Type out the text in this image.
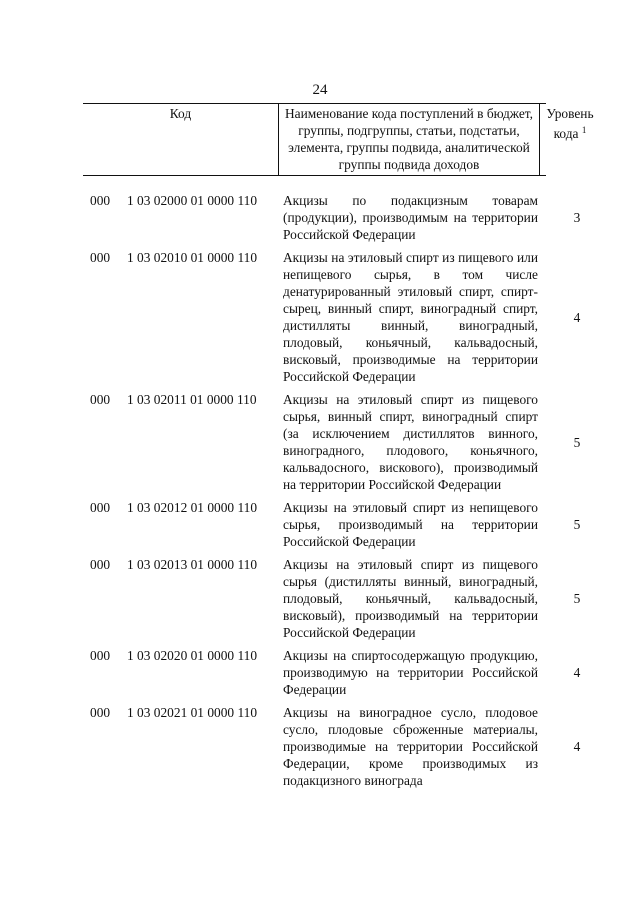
24
Код	Наименование кода поступлений в бюджет, группы, подгруппы, статьи, подстатьи, элемента, группы подвида, аналитической группы подвида доходов
Уровень кода $^1$
000 1 03 02000 01 0000 110 Акцизы по подакцизным товарам (продукции), производимым на территории Российской Федерации
3
000 1 03 02010 01 0000 110 Акцизы на этиловый спирт из пищевого или непищевого сырья, в том числе денатурированный этиловый спирт, спирт-сырец, винный спирт, виноградный спирт, дистилляты винный, виноградный, плодовый, коньячный, кальвадосный, висковый, производимые на территории Российской Федерации
4
000 1 03 02011 01 0000 110 Акцизы на этиловый спирт из пищевого сырья, винный спирт, виноградный спирт (за исключением дистиллятов винного, виноградного, плодового, коньячного, кальвадосного, вискового), производимый на территории Российской Федерации
5
000 1 03 02012 01 0000 110 Акцизы на этиловый спирт из непищевого сырья, производимый на территории Российской Федерации
5
000 1 03 02013 01 0000 110 Акцизы на этиловый спирт из пищевого сырья (дистилляты винный, виноградный, плодовый, коньячный, кальвадосный, висковый), производимый на территории Российской Федерации
5
000 1 03 02020 01 0000 110 Акцизы на спиртосодержащую продукцию, производимую на территории Российской Федерации
4
000 1 03 02021 01 0000 110 Акцизы на виноградное сусло, плодовое сусло, плодовые сброженные материалы, производимые на территории Российской Федерации, кроме производимых из подакцизного винограда
4
